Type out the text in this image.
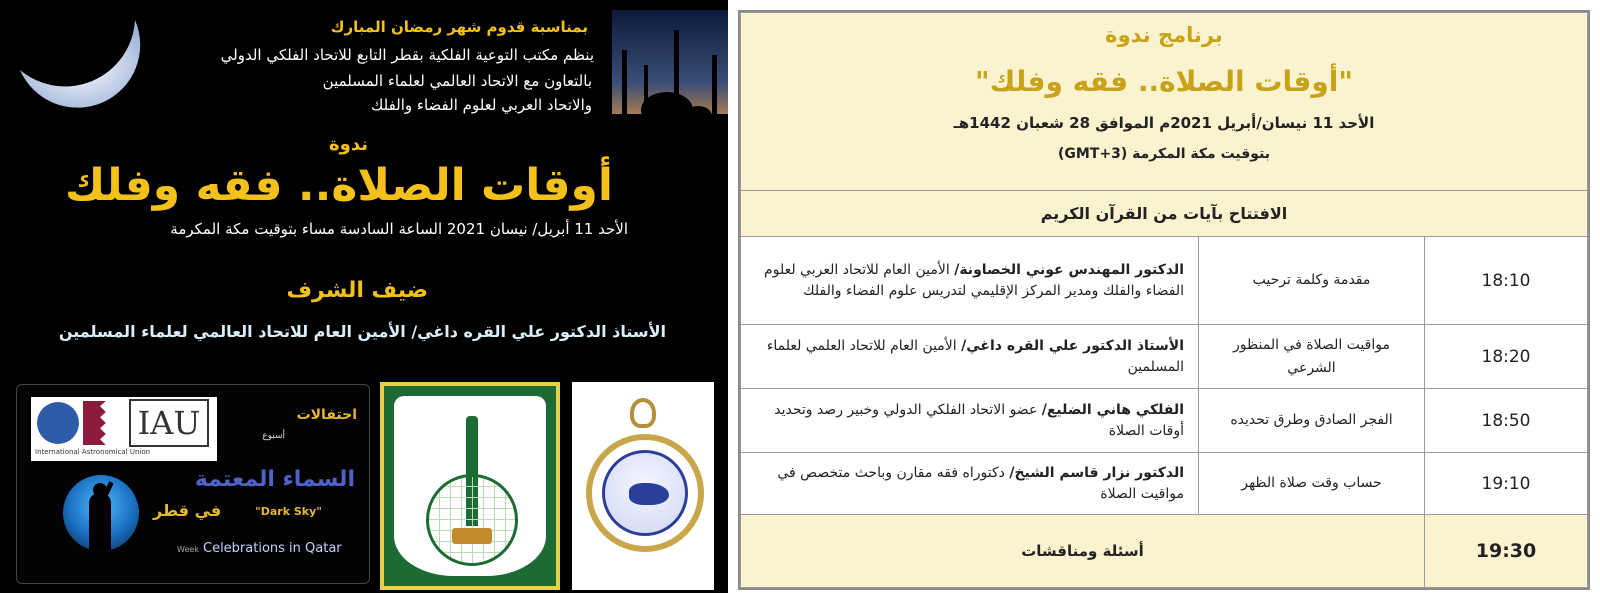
بمناسبة قدوم شهر رمضان المبارك
ينظم مكتب التوعية الفلكية بقطر التابع للاتحاد الفلكي الدولي
بالتعاون مع الاتحاد العالمي لعلماء المسلمين
والاتحاد العربي لعلوم الفضاء والفلك
ندوة
أوقات الصلاة.. فقه وفلك
الأحد 11 أبريل/ نيسان 2021 الساعة السادسة مساء بتوقيت مكة المكرمة
ضيف الشرف
الأستاذ الدكتور علي القره داغي/ الأمين العام للاتحاد العالمي لعلماء المسلمين
IAU
International Astronomical Union
احتفالات
أسبوع
السماء المعتمة
"Dark Sky"
في قطر
Week Celebrations in Qatar
برنامج ندوة
"أوقات الصلاة.. فقه وفلك"
الأحد 11 نيسان/أبريل 2021م الموافق 28 شعبان 1442هـ
بتوقيت مكة المكرمة (GMT+3)		

الافتتاح بآيات من القرآن الكريم		
الدكتور المهندس عوني الخصاونة/ الأمين العام للاتحاد العربي لعلوم الفضاء والفلك ومدير المركز الإقليمي لتدريس علوم الفضاء والفلك	مقدمة وكلمة ترحيب	18:10
الأستاذ الدكتور علي القره داغي/ الأمين العام للاتحاد العلمي لعلماء المسلمين	مواقيت الصلاة في المنظور الشرعي	18:20
الفلكي هاني الضليع/ عضو الاتحاد الفلكي الدولي وخبير رصد وتحديد أوقات الصلاة	الفجر الصادق وطرق تحديده	18:50
الدكتور نزار قاسم الشيخ/ دكتوراه فقه مقارن وباحث متخصص في مواقيت الصلاة	حساب وقت صلاة الظهر	19:10
أسئلة ومناقشات		19:30
